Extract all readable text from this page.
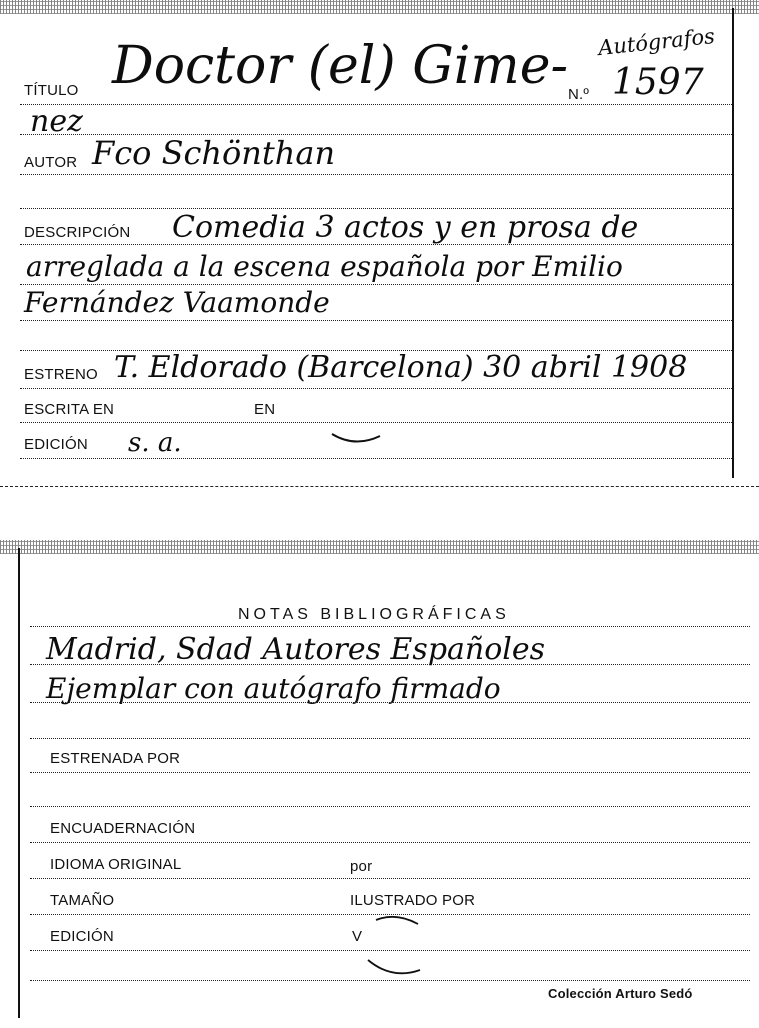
Autógrafos
TÍTULO Doctor (el) Gime- N.º 1597
nez
AUTOR Fco Schönthan
DESCRIPCIÓN Comedia 3 actos y en prosa de
arreglada a la escena española por Emilio
Fernández Vaamonde
ESTRENO T. Eldorado (Barcelona) 30 abril 1908
ESCRITA EN	EN
EDICIÓN s. a.
NOTAS BIBLIOGRÁFICAS
Madrid, Sdad Autores Españoles
Ejemplar con autógrafo firmado
ESTRENADA POR
ENCUADERNACIÓN
IDIOMA ORIGINAL	por
TAMAÑO	ILUSTRADO POR
EDICIÓN	V
Colección Arturo Sedó
